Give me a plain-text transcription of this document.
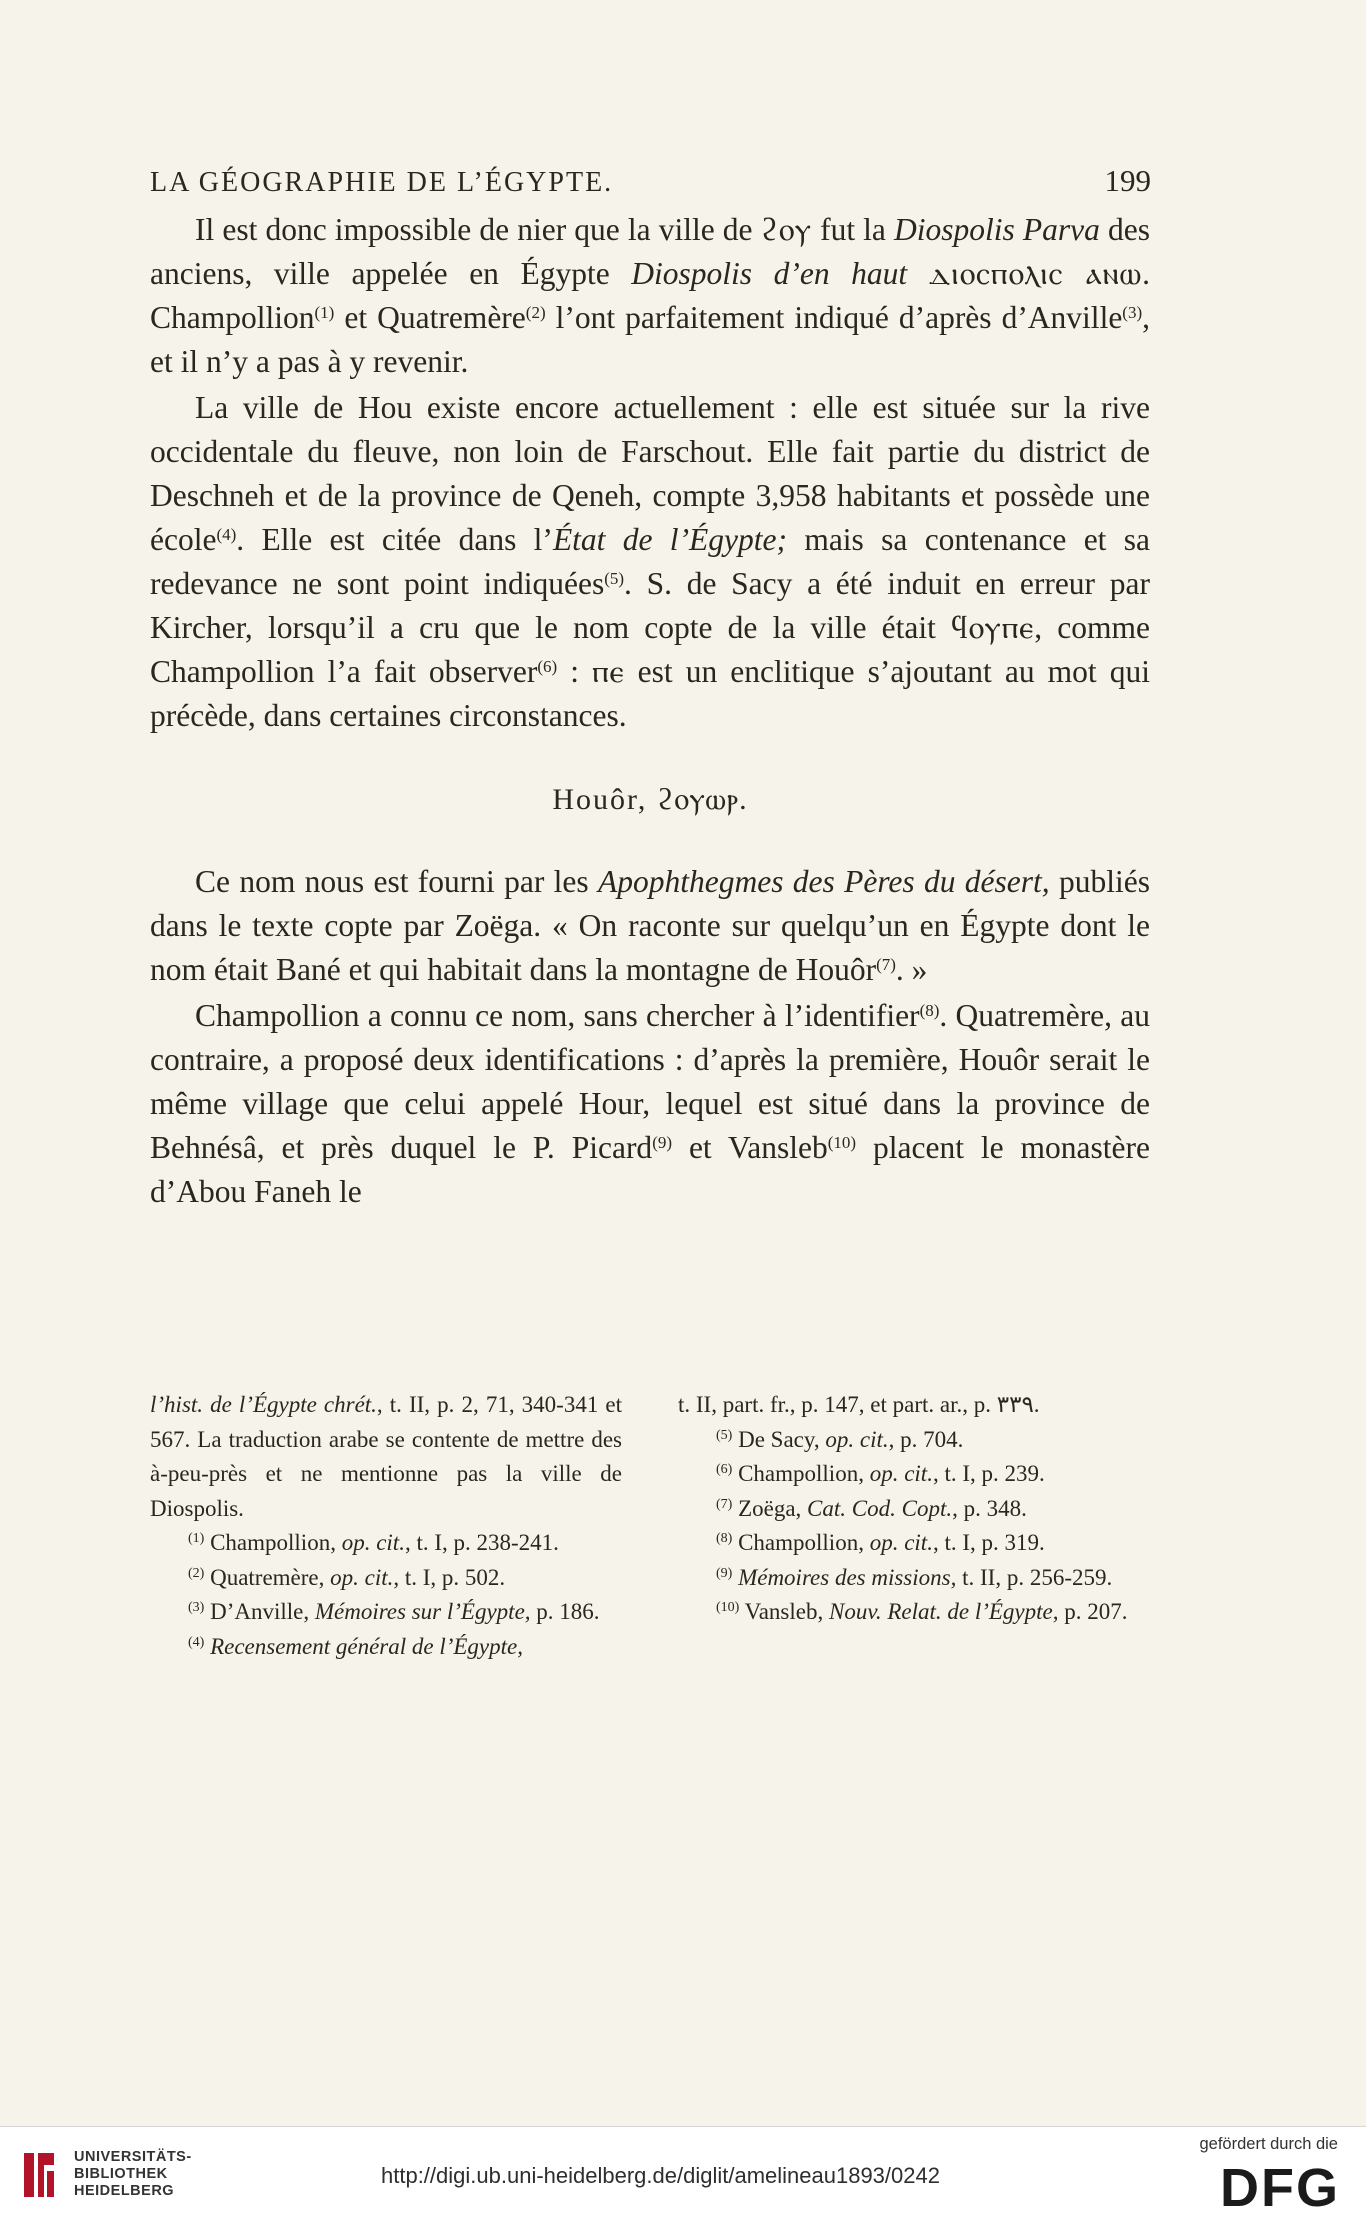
LA GÉOGRAPHIE DE L’ÉGYPTE.	199

Il est donc impossible de nier que la ville de ϩⲟⲩ fut la Diospolis Parva des anciens, ville appelée en Égypte Diospolis d’en haut ⲇⲓⲟⲥⲡⲟⲗⲓⲥ ⲁⲛⲱ. Champollion$^{(1)}$ et Quatremère$^{(2)}$ l’ont parfaitement indiqué d’après d’Anville$^{(3)}$, et il n’y a pas à y revenir.

La ville de Hou existe encore actuellement : elle est située sur la rive occidentale du fleuve, non loin de Farschout. Elle fait partie du district de Deschneh et de la province de Qeneh, compte 3,958 habitants et possède une école$^{(4)}$. Elle est citée dans l’État de l’Égypte; mais sa contenance et sa redevance ne sont point indiquées$^{(5)}$. S. de Sacy a été induit en erreur par Kircher, lorsqu’il a cru que le nom copte de la ville était ϥⲟⲩⲡⲉ, comme Champollion l’a fait observer$^{(6)}$ : ⲡⲉ est un enclitique s’ajoutant au mot qui précède, dans certaines circonstances.

Houôr, ϩⲟⲩⲱⲣ.

Ce nom nous est fourni par les Apophthegmes des Pères du désert, publiés dans le texte copte par Zoëga. « On raconte sur quelqu’un en Égypte dont le nom était Bané et qui habitait dans la montagne de Houôr$^{(7)}$. »

Champollion a connu ce nom, sans chercher à l’identifier$^{(8)}$. Quatremère, au contraire, a proposé deux identifications : d’après la première, Houôr serait le même village que celui appelé Hour, lequel est situé dans la province de Behnésâ, et près duquel le P. Picard$^{(9)}$ et Vansleb$^{(10)}$ placent le monastère d’Abou Faneh le

l’hist. de l’Égypte chrét., t. II, p. 2, 71, 340-341 et 567. La traduction arabe se contente de mettre des à-peu-près et ne mentionne pas la ville de Diospolis.

$^{(1)}$ Champollion, op. cit., t. I, p. 238-241.

$^{(2)}$ Quatremère, op. cit., t. I, p. 502.

$^{(3)}$ D’Anville, Mémoires sur l’Égypte, p. 186.

$^{(4)}$ Recensement général de l’Égypte,

t. II, part. fr., p. 147, et part. ar., p. ٣٣٩.

$^{(5)}$ De Sacy, op. cit., p. 704.

$^{(6)}$ Champollion, op. cit., t. I, p. 239.

$^{(7)}$ Zoëga, Cat. Cod. Copt., p. 348.

$^{(8)}$ Champollion, op. cit., t. I, p. 319.

$^{(9)}$ Mémoires des missions, t. II, p. 256-259.

$^{(10)}$ Vansleb, Nouv. Relat. de l’Égypte, p. 207.

UNIVERSITÄTS-
BIBLIOTHEK
HEIDELBERG
http://digi.ub.uni-heidelberg.de/diglit/amelineau1893/0242
gefördert durch die
DFG
